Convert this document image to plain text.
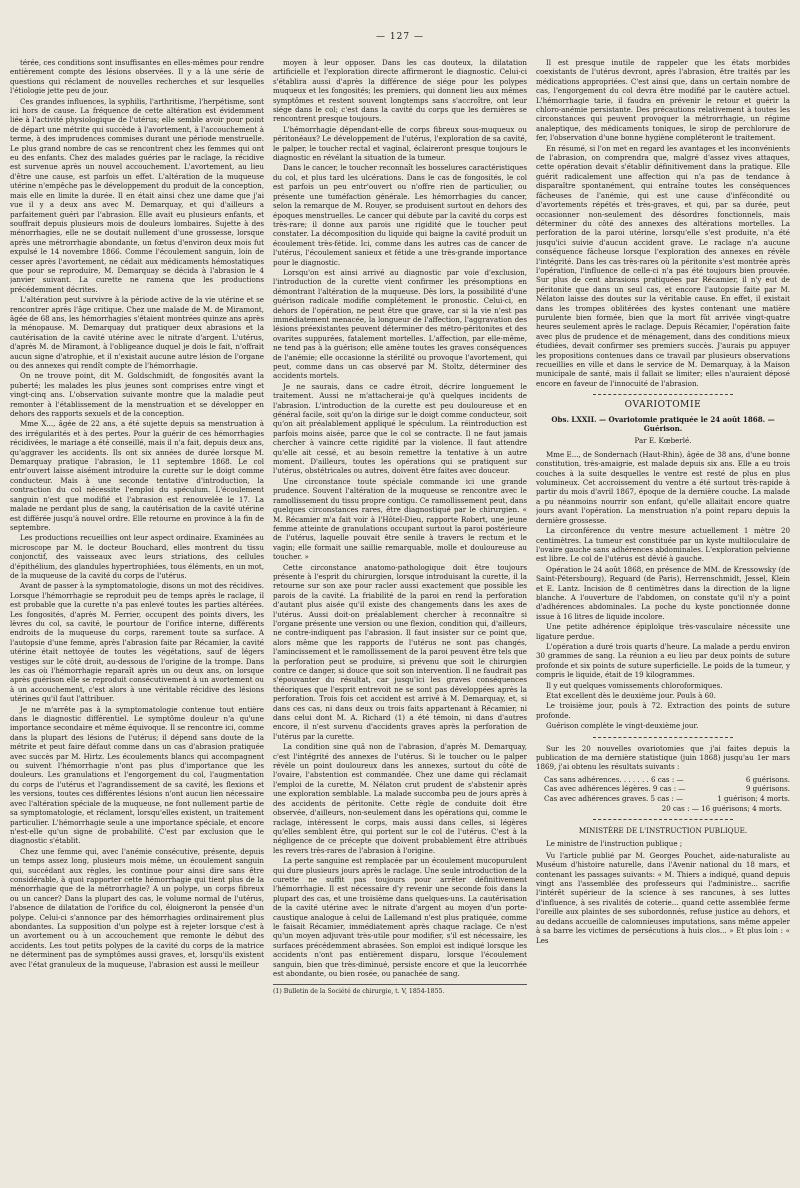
— 127 —

térée, ces conditions sont insuffisantes en elles-mêmes pour rendre entièrement compte des lésions observées. Il y a là une série de questions qui réclament de nouvelles recherches et sur lesquelles l'étiologie jette peu de jour.

Ces grandes influences, la syphilis, l'arthritisme, l'herpétisme, sont ici hors de cause. La fréquence de cette altération est évidemment liée à l'activité physiologique de l'utérus; elle semble avoir pour point de départ une métrite qui succède à l'avortement, à l'accouchement à terme, à des imprudences commises durant une période menstruelle. Le plus grand nombre de cas se rencontrent chez les femmes qui ont eu des enfants. Chez des malades guéries par le raclage, la récidive est survenue après un nouvel accouchement. L'avortement, au lieu d'être une cause, est parfois un effet. L'altération de la muqueuse utérine n'empêche pas le développement du produit de la conception, mais elle en limite la durée. Il en était ainsi chez une dame que j'ai vue il y a deux ans avec M. Demarquay, et qui d'ailleurs a parfaitement guéri par l'abrasion. Elle avait eu plusieurs enfants, et souffrait depuis plusieurs mois de douleurs lombaires. Sujette à des ménorrhagies, elle ne se doutait nullement d'une grossesse, lorsque après une métrorrhagie abondante, un fœtus d'environ deux mois fut expulsé le 14 novembre 1866. Comme l'écoulement sanguin, loin de cesser après l'avortement, ne cédait aux médicaments hémostatiques que pour se reproduire, M. Demarquay se décida à l'abrasion le 4 janvier suivant. La curette ne ramena que les productions précédemment décrites.

L'altération peut survivre à la période active de la vie utérine et se rencontrer après l'âge critique. Chez une malade de M. de Miramont, âgée de 68 ans, les hémorrhagies s'étaient montrées quinze ans après la ménopause. M. Demarquay dut pratiquer deux abrasions et la cautérisation de la cavité utérine avec le nitrate d'argent. L'utérus, d'après M. de Miramont, à l'obligeance duquel je dois le fait, n'offrait aucun signe d'atrophie, et il n'existait aucune autre lésion de l'organe ou des annexes qui rendît compte de l'hémorrhagie.

On ne trouve point, dit M. Goldschmidt, de fongosités avant la puberté; les malades les plus jeunes sont comprises entre vingt et vingt-cinq ans. L'observation suivante montre que la maladie peut remonter à l'établissement de la menstruation et se développer en dehors des rapports sexuels et de la conception.

Mme X..., âgée de 22 ans, a été sujette depuis sa menstruation à des irrégularités et à des pertes. Pour la guérir de ces hémorrhagies récidivées, le mariage a été conseillé, mais il n'a fait, depuis deux ans, qu'aggraver les accidents. Ils ont six années de durée lorsque M. Demarquay pratique l'abrasion, le 11 septembre 1868. Le col entr'ouvert laisse aisément introduire la curette sur le doigt comme conducteur. Mais à une seconde tentative d'introduction, la contraction du col nécessite l'emploi du spéculum. L'écoulement sanguin n'est que modifié et l'abrasion est renouvelée le 17. La malade ne perdant plus de sang, la cautérisation de la cavité utérine est différée jusqu'à nouvel ordre. Elle retourne en province à la fin de septembre.

Les productions recueillies ont leur aspect ordinaire. Examinées au microscope par M. le docteur Bouchard, elles montrent du tissu conjonctif, des vaisseaux avec leurs striations, des cellules d'épithélium, des glandules hypertrophiées, tous éléments, en un mot, de la muqueuse de la cavité du corps de l'utérus.

Avant de passer à la symptomatologie, disons un mot des récidives. Lorsque l'hémorrhagie se reproduit peu de temps après le raclage, il est probable que la curette n'a pas enlevé toutes les parties altérées. Les fongosités, d'après M. Ferrier, occupent des points divers, les lèvres du col, sa cavité, le pourtour de l'orifice interne, différents endroits de la muqueuse du corps, rarement toute sa surface. A l'autopsie d'une femme, après l'abrasion faite par Récamier, la cavité utérine était nettoyée de toutes les végétations, sauf de légers vestiges sur le côté droit, au-dessous de l'origine de la trompe. Dans les cas où l'hémorrhagie reparaît après un ou deux ans, on lorsque après guérison elle se reproduit consécutivement à un avortement ou à un accouchement, c'est alors à une véritable récidive des lésions utérines qu'il faut l'attribuer.

Je ne m'arrête pas à la symptomatologie contenue tout entière dans le diagnostic différentiel. Le symptôme douleur n'a qu'une importance secondaire et même équivoque. Il se rencontre ici, comme dans la plupart des lésions de l'utérus; il dépend sans doute de la métrite et peut faire défaut comme dans un cas d'abrasion pratiquée avec succès par M. Hirtz. Les écoulements blancs qui accompagnent ou suivent l'hémorrhagie n'ont pas plus d'importance que les douleurs. Les granulations et l'engorgement du col, l'augmentation du corps de l'utérus et l'agrandissement de sa cavité, les flexions et les versions, toutes ces différentes lésions n'ont aucun lien nécessaire avec l'altération spéciale de la muqueuse, ne font nullement partie de sa symptomatologie, et réclament, lorsqu'elles existent, un traitement particulier. L'hémorrhagie seule a une importance spéciale, et encore n'est-elle qu'un signe de probabilité. C'est par exclusion que le diagnostic s'établit.

Chez une femme qui, avec l'anémie consécutive, présente, depuis un temps assez long, plusieurs mois même, un écoulement sanguin qui, succédant aux règles, les continue pour ainsi dire sans être considérable, à quoi rapporter cette hémorrhagie qui tient plus de la ménorrhagie que de la métrorrhagie? A un polype, un corps fibreux ou un cancer? Dans la plupart des cas, le volume normal de l'utérus, l'absence de dilatation de l'orifice du col, éloigneront la pensée d'un polype. Celui-ci s'annonce par des hémorrhagies ordinairement plus abondantes. La supposition d'un polype est à rejeter lorsque c'est à un avortement ou à un accouchement que remonte le début des accidents. Les tout petits polypes de la cavité du corps de la matrice ne déterminent pas de symptômes aussi graves, et, lorsqu'ils existent avec l'état granuleux de la muqueuse, l'abrasion est aussi le meilleur

moyen à leur opposer. Dans les cas douteux, la dilatation artificielle et l'exploration directe affirmeront le diagnostic. Celui-ci s'établira aussi d'après la différence de siége pour les polypes muqueux et les fongosités; les premiers, qui donnent lieu aux mêmes symptômes et restent souvent longtemps sans s'accroître, ont leur siége dans le col; c'est dans la cavité du corps que les dernières se rencontrent presque toujours.

L'hémorrhagie dépendant-elle de corps fibreux sous-muqueux ou péritonéaux? Le développement de l'utérus, l'exploration de sa cavité, le palper, le toucher rectal et vaginal, éclaireront presque toujours le diagnostic en révélant la situation de la tumeur.

Dans le cancer, le toucher reconnaît les bosselures caractéristiques du col, et plus tard les ulcérations. Dans le cas de fongosités, le col est parfois un peu entr'ouvert ou n'offre rien de particulier, ou présente une tuméfaction générale. Les hémorrhagies du cancer, selon la remarque de M. Rouyer, se produisent surtout en dehors des époques menstruelles. Le cancer qui débute par la cavité du corps est très-rare; il donne aux parois une rigidité que le toucher peut constater. La décomposition du liquide qui baigne la cavité produit un écoulement très-fétide. Ici, comme dans les autres cas de cancer de l'utérus, l'écoulement sanieux et fétide a une très-grande importance pour le diagnostic.

Lorsqu'on est ainsi arrivé au diagnostic par voie d'exclusion, l'introduction de la curette vient confirmer les présomptions en démontrant l'altération de la muqueuse. Dès lors, la possibilité d'une guérison radicale modifie complétement le pronostic. Celui-ci, en dehors de l'opération, ne peut être que grave, car si la vie n'est pas immédiatement menacée, la longueur de l'affection, l'aggravation des lésions préexistantes peuvent déterminer des métro-péritonites et des ovarites suppurées, fatalement mortelles. L'affection, par elle-même, ne tend pas à la guérison; elle amène toutes les graves conséquences de l'anémie; elle occasionne la stérilité ou provoque l'avortement, qui peut, comme dans un cas observé par M. Stoltz, déterminer des accidents mortels.

Je ne saurais, dans ce cadre étroit, décrire longuement le traitement. Aussi ne m'attacherai-je qu'à quelques incidents de l'abrasion. L'introduction de la curette est peu douloureuse et en général facile, soit qu'on la dirige sur le doigt comme conducteur, soit qu'on ait préalablement appliqué le spéculum. La réintroduction est parfois moins aisée, parce que le col se contracte. Il ne faut jamais chercher à vaincre cette rigidité par la violence. Il faut attendre qu'elle ait cessé, et au besoin remettre la tentative à un autre moment. D'ailleurs, toutes les opérations qui se pratiquent sur l'utérus, obstétricales ou autres, doivent être faites avec douceur.

Une circonstance toute spéciale commande ici une grande prudence. Souvent l'altération de la muqueuse se rencontre avec le ramollissement du tissu propre contigu. Ce ramollissement peut, dans quelques circonstances rares, être diagnostiqué par le chirurgien. « M. Récamier m'a fait voir à l'Hôtel-Dieu, rapporte Robert, une jeune femme atteinte de granulations occupant surtout la paroi postérieure de l'utérus, laquelle pouvait être senile à travers le rectum et le vagin; elle formait une saillie remarquable, molle et douloureuse au toucher. »

Cette circonstance anatomo-pathologique doit être toujours présente à l'esprit du chirurgien, lorsque introduisant la curette, il la retourne sur son axe pour racler aussi exactement que possible les parois de la cavité. La friabilité de la paroi en rend la perforation d'autant plus aisée qu'il existe des changements dans les axes de l'utérus. Aussi doit-on préalablement chercher à reconnaître si l'organe présente une version ou une flexion, condition qui, d'ailleurs, ne contre-indiquent pas l'abrasion. Il faut insister sur ce point que, alors même que les rapports de l'utérus ne sont pas changés, l'amincissement et le ramollissement de la paroi peuvent être tels que la perforation peut se produire, si prévenu que soit le chirurgien contre ce danger, si douce que soit son intervention. Il ne faudrait pas s'épouvanter du résultat, car jusqu'ici les graves conséquences théoriques que l'esprit entrevoit ne se sont pas développées après la perforation. Trois fois cet accident est arrivé à M. Demarquay, et, si dans ces cas, ni dans deux ou trois faits appartenant à Récamier, ni dans celui dont M. A. Richard (1) a été témoin, ni dans d'autres encore, il n'est survenu d'accidents graves après la perforation de l'utérus par la curette.

La condition sine quâ non de l'abrasion, d'après M. Demarquay, c'est l'intégrité des annexes de l'utérus. Si le toucher ou le palper révèle un point douloureux dans les annexes, surtout du côté de l'ovaire, l'abstention est commandée. Chez une dame qui réclamait l'emploi de la curette, M. Nélaton crut prudent de s'abstenir après une exploration semblable. La malade succomba peu de jours après à des accidents de péritonite. Cette règle de conduite doit être observée, d'ailleurs, non-seulement dans les opérations qui, comme le raclage, intéressent le corps, mais aussi dans celles, si légères qu'elles semblent être, qui portent sur le col de l'utérus. C'est à la négligence de ce précepte que doivent probablement être attribués les revers très-rares de l'abrasion à l'origine.

La perte sanguine est remplacée par un écoulement mucopurulent qui dure plusieurs jours après le raclage. Une seule introduction de la curette ne suffit pas toujours pour arrêter définitivement l'hémorrhagie. Il est nécessaire d'y revenir une seconde fois dans la plupart des cas, et une troisième dans quelques-uns. La cautérisation de la cavité utérine avec le nitrate d'argent au moyen d'un porte-caustique analogue à celui de Lallemand n'est plus pratiquée, comme le faisait Récamier, immédiatement après chaque raclage. Ce n'est qu'un moyen adjuvant très-utile pour modifier, s'il est nécessaire, les surfaces précédemment abrasées. Son emploi est indiqué lorsque les accidents n'ont pas entièrement disparu, lorsque l'écoulement sanguin, bien que très-diminué, persiste encore et que la leucorrhée est abondante, ou bien rosée, ou panachée de sang.

(1) Bulletin de la Société de chirurgie, t. V, 1854-1855.

Il est presque inutile de rappeler que les états morbides coexistants de l'utérus devront, après l'abrasion, être traités par les médications appropriées. C'est ainsi que, dans un certain nombre de cas, l'engorgement du col devra être modifié par le cautère actuel. L'hémorrhagie tarie, il faudra en prévenir le retour et guérir la chloro-anémie persistante. Des précautions relativement à toutes les circonstances qui peuvent provoquer la métrorrhagie, un régime analeptique, des médicaments toniques, le sirop de perchlorure de fer, l'observation d'une bonne hygiène compléteront le traitement.

En résumé, si l'on met en regard les avantages et les inconvénients de l'abrasion, on comprendra que, malgré d'assez vives attaques, cette opération devait s'établir définitivement dans la pratique. Elle guérit radicalement une affection qui n'a pas de tendance à disparaître spontanément, qui entraîne toutes les conséquences fâcheuses de l'anémie, qui est une cause d'infécondité ou d'avortements répétés et très-graves, et qui, par sa durée, peut occasionner non-seulement des désordres fonctionnels, mais déterminer du côté des annexes des altérations mortelles. La perforation de la paroi utérine, lorsqu'elle s'est produite, n'a été jusqu'ici suivie d'aucun accident grave. Le raclage n'a aucune conséquence fâcheuse lorsque l'exploration des annexes en révèle l'intégrité. Dans les cas très-rares où la péritonite s'est montrée après l'opération, l'influence de celle-ci n'a pas été toujours bien prouvée. Sur plus de cent abrasions pratiquées par Récamier, il n'y eut de péritonite que dans un seul cas, et encore l'autopsie faite par M. Nélaton laisse des doutes sur la véritable cause. En effet, il existait dans les trompes oblitérées des kystes contenant une matière purulente bien formée, bien que la mort fût arrivée vingt-quatre heures seulement après le raclage. Depuis Récamier, l'opération faite avec plus de prudence et de ménagement, dans des conditions mieux étudiées, devait confirmer ses premiers succès. J'aurais pu appuyer les propositions contenues dans ce travail par plusieurs observations recueillies en ville et dans le service de M. Demarquay, à la Maison municipale de santé, mais il fallait se limiter; elles n'auraient déposé encore en faveur de l'innocuité de l'abrasion.

OVARIOTOMIE
Obs. LXXII. — Ovariotomie pratiquée le 24 août 1868. — Guérison.
Par E. Kœberlé.

Mme E..., de Sondernach (Haut-Rhin), âgée de 38 ans, d'une bonne constitution, très-amaigrie, est malade depuis six ans. Elle a eu trois couches à la suite desquelles le ventre est resté de plus en plus volumineux. Cet accroissement du ventre a été surtout très-rapide à partir du mois d'avril 1867, époque de la dernière couche. La malade a pu néanmoins nourrir son enfant, qu'elle allaitait encore quatre jours avant l'opération. La menstruation n'a point reparu depuis la dernière grossesse.

La circonférence du ventre mesure actuellement 1 mètre 20 centimètres. La tumeur est constituée par un kyste multiloculaire de l'ovaire gauche sans adhérences abdominales. L'exploration pelvienne est libre. Le col de l'utérus est dévié à gauche.

Opération le 24 août 1868, en présence de MM. de Kressowsky (de Saint-Pétersbourg), Reguard (de Paris), Herrenschmidt, Jessel, Klein et E. Lantz. Incision de 8 centimètres dans la direction de la ligne blanche. A l'ouverture de l'abdomen, on constate qu'il n'y a point d'adhérences abdominales. La poche du kyste ponctionnée donne issue à 16 litres de liquide incolore.

Une petite adhérence épiploïque très-vasculaire nécessite une ligature perdue.

L'opération a duré trois quarts d'heure. La malade a perdu environ 30 grammes de sang. La réunion a eu lieu par deux points de suture profonde et six points de suture superficielle. Le poids de la tumeur, y compris le liquide, était de 19 kilogrammes.

Il y eut quelques vomissements chloroformiques.

Etat excellent dès le deuxième jour. Pouls à 60.

Le troisième jour, pouls à 72. Extraction des points de suture profonde.

Guérison complète le vingt-deuxième jour.

Sur les 20 nouvelles ovariotomies que j'ai faites depuis la publication de ma dernière statistique (juin 1868) jusqu'au 1er mars 1869, j'ai obtenu les résultats suivants :

Cas sans adhérences. . . . . . . 6 cas : —	6 guérisons.
Cas avec adhérences légères. 9 cas : —	9 guérisons.
Cas avec adhérences graves. 5 cas : —	1 guérison; 4 morts.
20 cas : — 16 guérisons; 4 morts.
MINISTÈRE DE L'INSTRUCTION PUBLIQUE.

Le ministre de l'instruction publique ;

Vu l'article publié par M. Georges Pouchet, aide-naturaliste au Muséum d'histoire naturelle, dans l'Avenir national du 18 mars, et contenant les passages suivants: « M. Thiers a indiqué, quand depuis vingt ans l'assemblée des professeurs qui l'administre... sacrifie l'intérêt supérieur de la science à ses rancunes, à ses luttes d'influence, à ses rivalités de coterie... quand cette assemblée ferme l'oreille aux plaintes de ses subordonnés, refuse justice au dehors, et au dedans accueille de calomnieuses imputations, sans même appeler à sa barre les victimes de persécutions à huis clos... » Et plus loin : « Les
